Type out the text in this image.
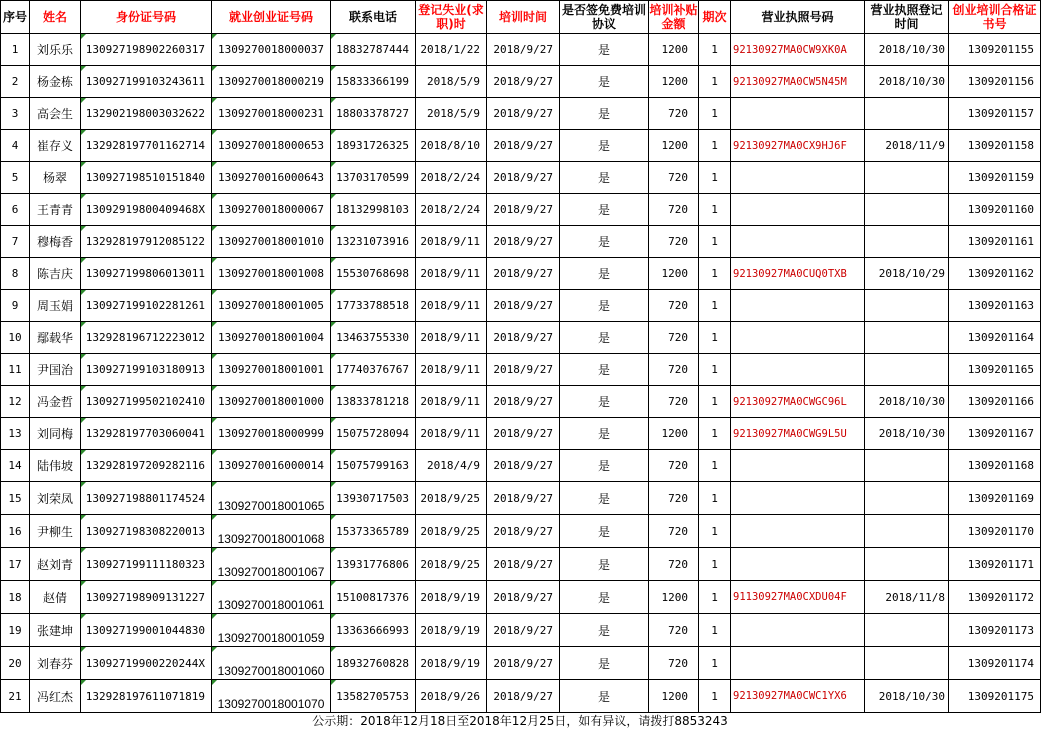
序号	姓名	身份证号码	就业创业证号码	联系电话	登记失业(求职)时	培训时间	是否签免费培训协议	培训补贴金额	期次	营业执照号码	营业执照登记时间	创业培训合格证书号
1	刘乐乐	130927198902260317	1309270018000037	18832787444	2018/1/22	2018/9/27	是	1200	1	92130927MA0CW9XK0A	2018/10/30	1309201155
2	杨金栋	130927199103243611	1309270018000219	15833366199	2018/5/9	2018/9/27	是	1200	1	92130927MA0CW5N45M	2018/10/30	1309201156
3	高会生	132902198003032622	1309270018000231	18803378727	2018/5/9	2018/9/27	是	720	1			1309201157
4	崔存义	132928197701162714	1309270018000653	18931726325	2018/8/10	2018/9/27	是	1200	1	92130927MA0CX9HJ6F	2018/11/9	1309201158
5	杨翠	130927198510151840	1309270016000643	13703170599	2018/2/24	2018/9/27	是	720	1			1309201159
6	王青青	13092919800409468X	1309270018000067	18132998103	2018/2/24	2018/9/27	是	720	1			1309201160
7	穆梅香	132928197912085122	1309270018001010	13231073916	2018/9/11	2018/9/27	是	720	1			1309201161
8	陈吉庆	130927199806013011	1309270018001008	15530768698	2018/9/11	2018/9/27	是	1200	1	92130927MA0CUQ0TXB	2018/10/29	1309201162
9	周玉娟	130927199102281261	1309270018001005	17733788518	2018/9/11	2018/9/27	是	720	1			1309201163
10	鄢载华	132928196712223012	1309270018001004	13463755330	2018/9/11	2018/9/27	是	720	1			1309201164
11	尹国治	130927199103180913	1309270018001001	17740376767	2018/9/11	2018/9/27	是	720	1			1309201165
12	冯金哲	130927199502102410	1309270018001000	13833781218	2018/9/11	2018/9/27	是	720	1	92130927MA0CWGC96L	2018/10/30	1309201166
13	刘同梅	132928197703060041	1309270018000999	15075728094	2018/9/11	2018/9/27	是	1200	1	92130927MA0CWG9L5U	2018/10/30	1309201167
14	陆伟坡	132928197209282116	1309270016000014	15075799163	2018/4/9	2018/9/27	是	720	1			1309201168
15	刘荣凤	130927198801174524	1309270018001065	13930717503	2018/9/25	2018/9/27	是	720	1			1309201169
16	尹柳生	130927198308220013	1309270018001068	15373365789	2018/9/25	2018/9/27	是	720	1			1309201170
17	赵刘青	130927199111180323	1309270018001067	13931776806	2018/9/25	2018/9/27	是	720	1			1309201171
18	赵倩	130927198909131227	1309270018001061	15100817376	2018/9/19	2018/9/27	是	1200	1	91130927MA0CXDU04F	2018/11/8	1309201172
19	张建坤	130927199001044830	1309270018001059	13363666993	2018/9/19	2018/9/27	是	720	1			1309201173
20	刘春芬	13092719900220244X	1309270018001060	18932760828	2018/9/19	2018/9/27	是	720	1			1309201174
21	冯红杰	132928197611071819	1309270018001070	13582705753	2018/9/26	2018/9/27	是	1200	1	92130927MA0CWC1YX6	2018/10/30	1309201175
公示期：2018年12月18日至2018年12月25日，如有异议，请拨打8853243
